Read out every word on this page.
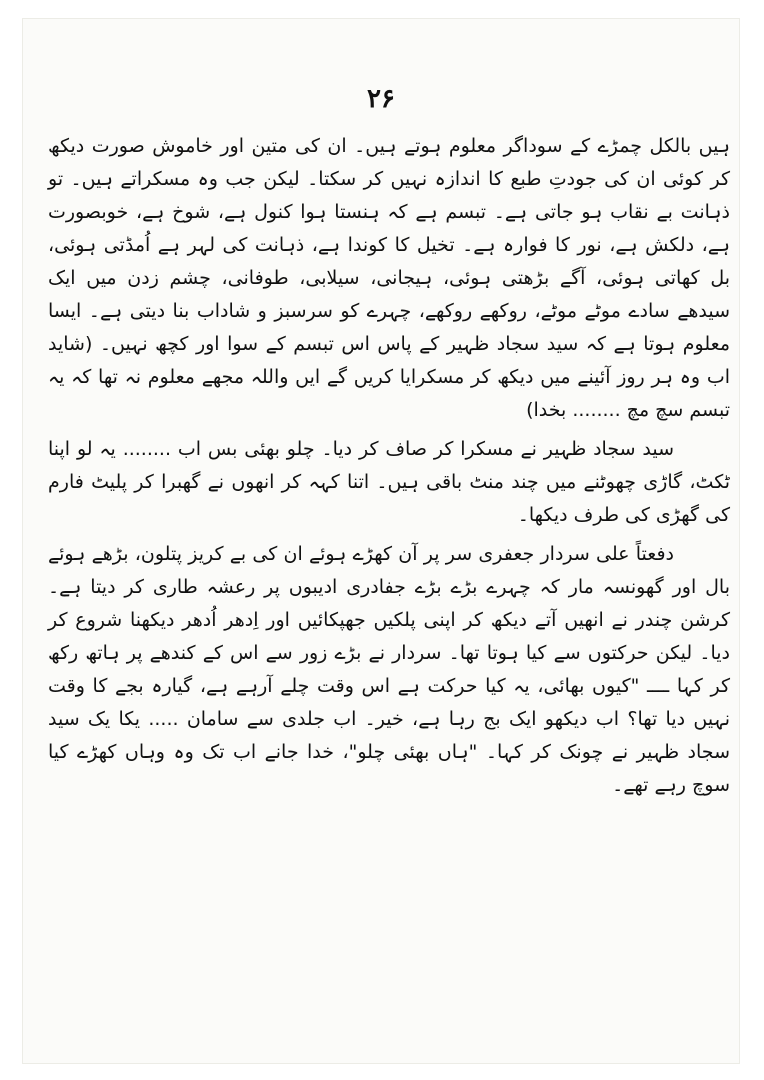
۲۶

ہیں بالکل چمڑے کے سوداگر معلوم ہوتے ہیں۔ ان کی متین اور خاموش صورت دیکھ کر کوئی ان کی جودتِ طبع کا اندازہ نہیں کر سکتا۔ لیکن جب وہ مسکراتے ہیں۔ تو ذہانت بے نقاب ہو جاتی ہے۔ تبسم ہے کہ ہنستا ہوا کنول ہے، شوخ ہے، خوبصورت ہے، دلکش ہے، نور کا فوارہ ہے۔ تخیل کا کوندا ہے، ذہانت کی لہر ہے اُمڈتی ہوئی، بل کھاتی ہوئی، آگے بڑھتی ہوئی، ہیجانی، سیلابی، طوفانی، چشم زدن میں ایک سیدھے سادے موٹے موٹے، روکھے روکھے، چہرے کو سرسبز و شاداب بنا دیتی ہے۔ ایسا معلوم ہوتا ہے کہ سید سجاد ظہیر کے پاس اس تبسم کے سوا اور کچھ نہیں۔ (شاید اب وہ ہر روز آئینے میں دیکھ کر مسکرایا کریں گے ایں واللہ مجھے معلوم نہ تھا کہ یہ تبسم سچ مچ ........ بخدا)

سید سجاد ظہیر نے مسکرا کر صاف کر دیا۔ چلو بھئی بس اب ........ یہ لو اپنا ٹکٹ، گاڑی چھوٹنے میں چند منٹ باقی ہیں۔ اتنا کہہ کر انھوں نے گھبرا کر پلیٹ فارم کی گھڑی کی طرف دیکھا۔

دفعتاً علی سردار جعفری سر پر آن کھڑے ہوئے ان کی بے کریز پتلون، بڑھے ہوئے بال اور گھونسہ مار کہ چہرے بڑے بڑے جفادری ادیبوں پر رعشہ طاری کر دیتا ہے۔ کرشن چندر نے انھیں آتے دیکھ کر اپنی پلکیں جھپکائیں اور اِدھر اُدھر دیکھنا شروع کر دیا۔ لیکن حرکتوں سے کیا ہوتا تھا۔ سردار نے بڑے زور سے اس کے کندھے پر ہاتھ رکھ کر کہا ــــ "کیوں بھائی، یہ کیا حرکت ہے اس وقت چلے آرہے ہے، گیارہ بجے کا وقت نہیں دیا تھا؟ اب دیکھو ایک بج رہا ہے، خیر۔ اب جلدی سے سامان ..... یکا یک سید سجاد ظہیر نے چونک کر کہا۔ "ہاں بھئی چلو"، خدا جانے اب تک وہ وہاں کھڑے کیا سوچ رہے تھے۔
